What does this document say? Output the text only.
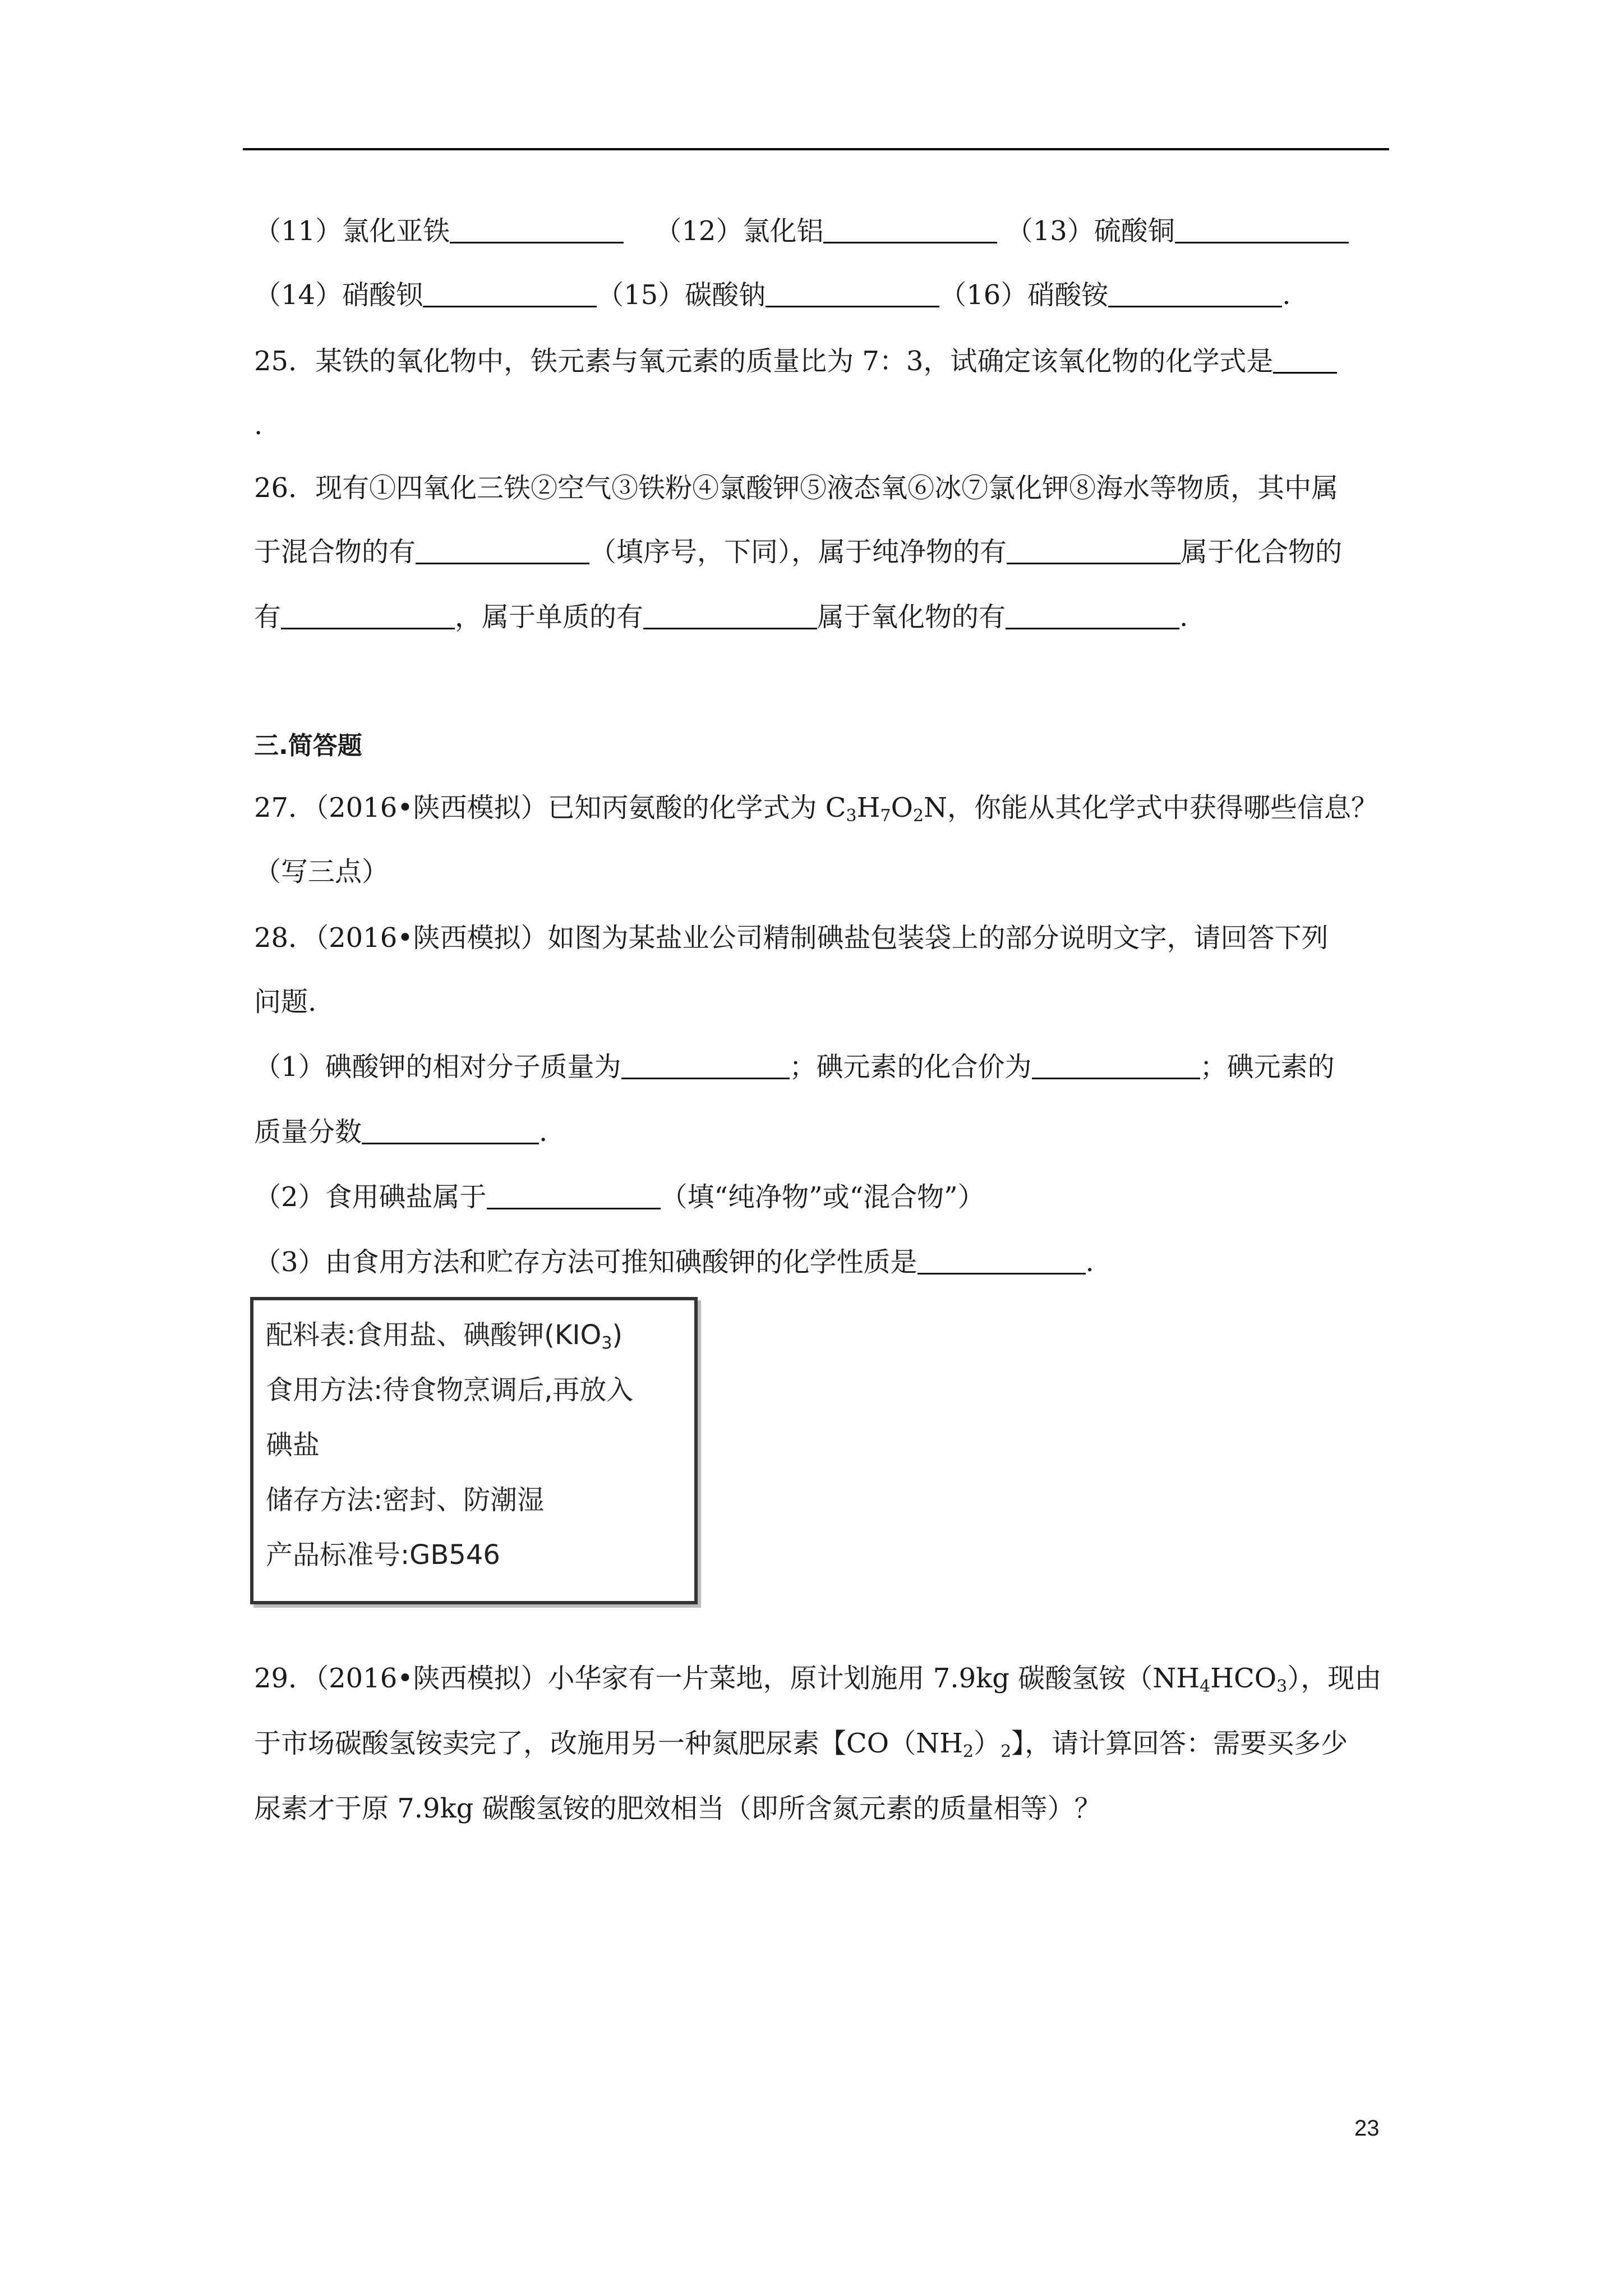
（11）氯化亚铁	（12）氯化铝	（13）硫酸铜
（14）硝酸钡	（15）碳酸钠	（16）硝酸铵	.
25．某铁的氧化物中，铁元素与氧元素的质量比为 7：3，试确定该氧化物的化学式是
.
26．现有①四氧化三铁②空气③铁粉④氯酸钾⑤液态氧⑥冰⑦氯化钾⑧海水等物质，其中属
于混合物的有	（填序号，下同），属于纯净物的有	属于化合物的
有	，属于单质的有	属于氧化物的有	.
三.简答题
27．（2016•陕西模拟）已知丙氨酸的化学式为 $C_3H_7O_2N$，你能从其化学式中获得哪些信息？
（写三点）
28．（2016•陕西模拟）如图为某盐业公司精制碘盐包装袋上的部分说明文字，请回答下列
问题.
（1）碘酸钾的相对分子质量为	；碘元素的化合价为	；碘元素的
质量分数	.
（2）食用碘盐属于	（填“纯净物”或“混合物”）
（3）由食用方法和贮存方法可推知碘酸钾的化学性质是	.
配料表:食用盐、碘酸钾$(KIO_3)$
食用方法:待食物烹调后,再放入
碘盐
储存方法:密封、防潮湿
产品标准号:GB546
29．（2016•陕西模拟）小华家有一片菜地，原计划施用 7.9kg 碳酸氢铵$(NH_4HCO_3)$，现由
于市场碳酸氢铵卖完了，改施用另一种氮肥尿素【$CO(NH_2)_2$】，请计算回答：需要买多少
尿素才于原 7.9kg 碳酸氢铵的肥效相当（即所含氮元素的质量相等）？
23
